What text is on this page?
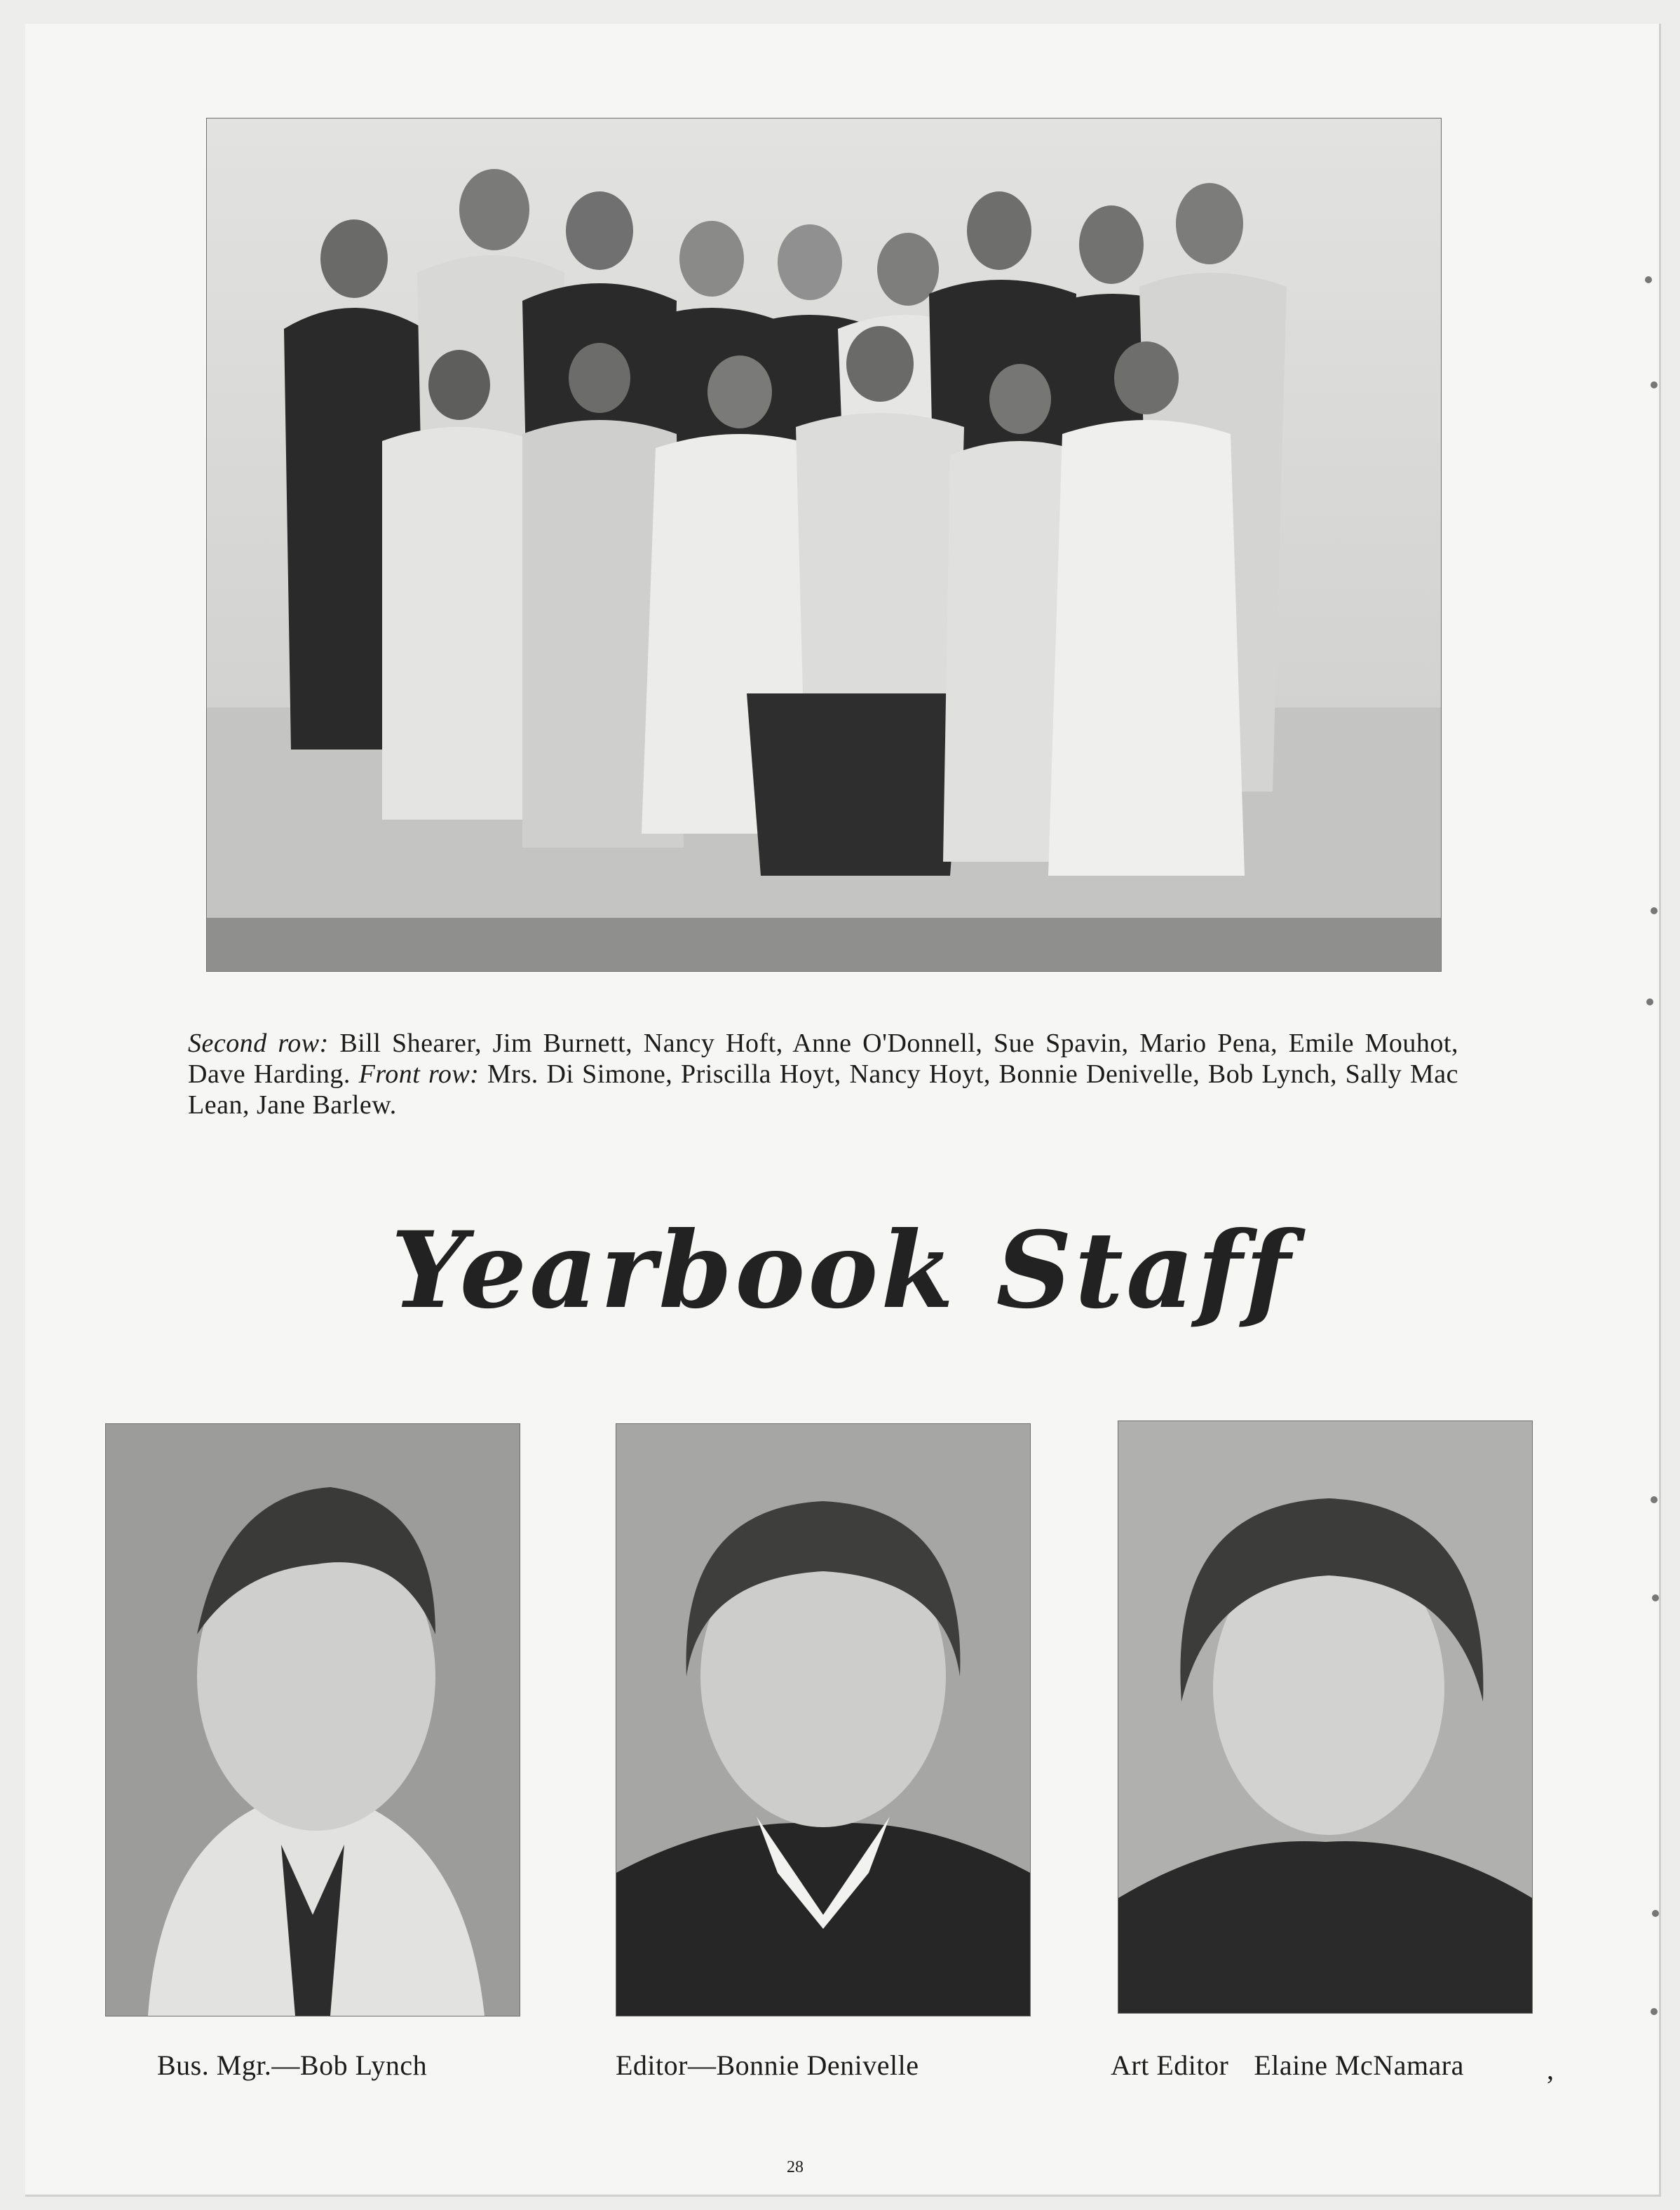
Second row: Bill Shearer, Jim Burnett, Nancy Hoft, Anne O'Donnell, Sue Spavin, Mario Pena, Emile Mouhot, Dave Harding. Front row: Mrs. Di Simone, Priscilla Hoyt, Nancy Hoyt, Bonnie Denivelle, Bob Lynch, Sally Mac Lean, Jane Barlew.
Yearbook Staff
Bus. Mgr.—Bob Lynch	Editor—Bonnie Denivelle	Art Editor Elaine McNamara	,
28
